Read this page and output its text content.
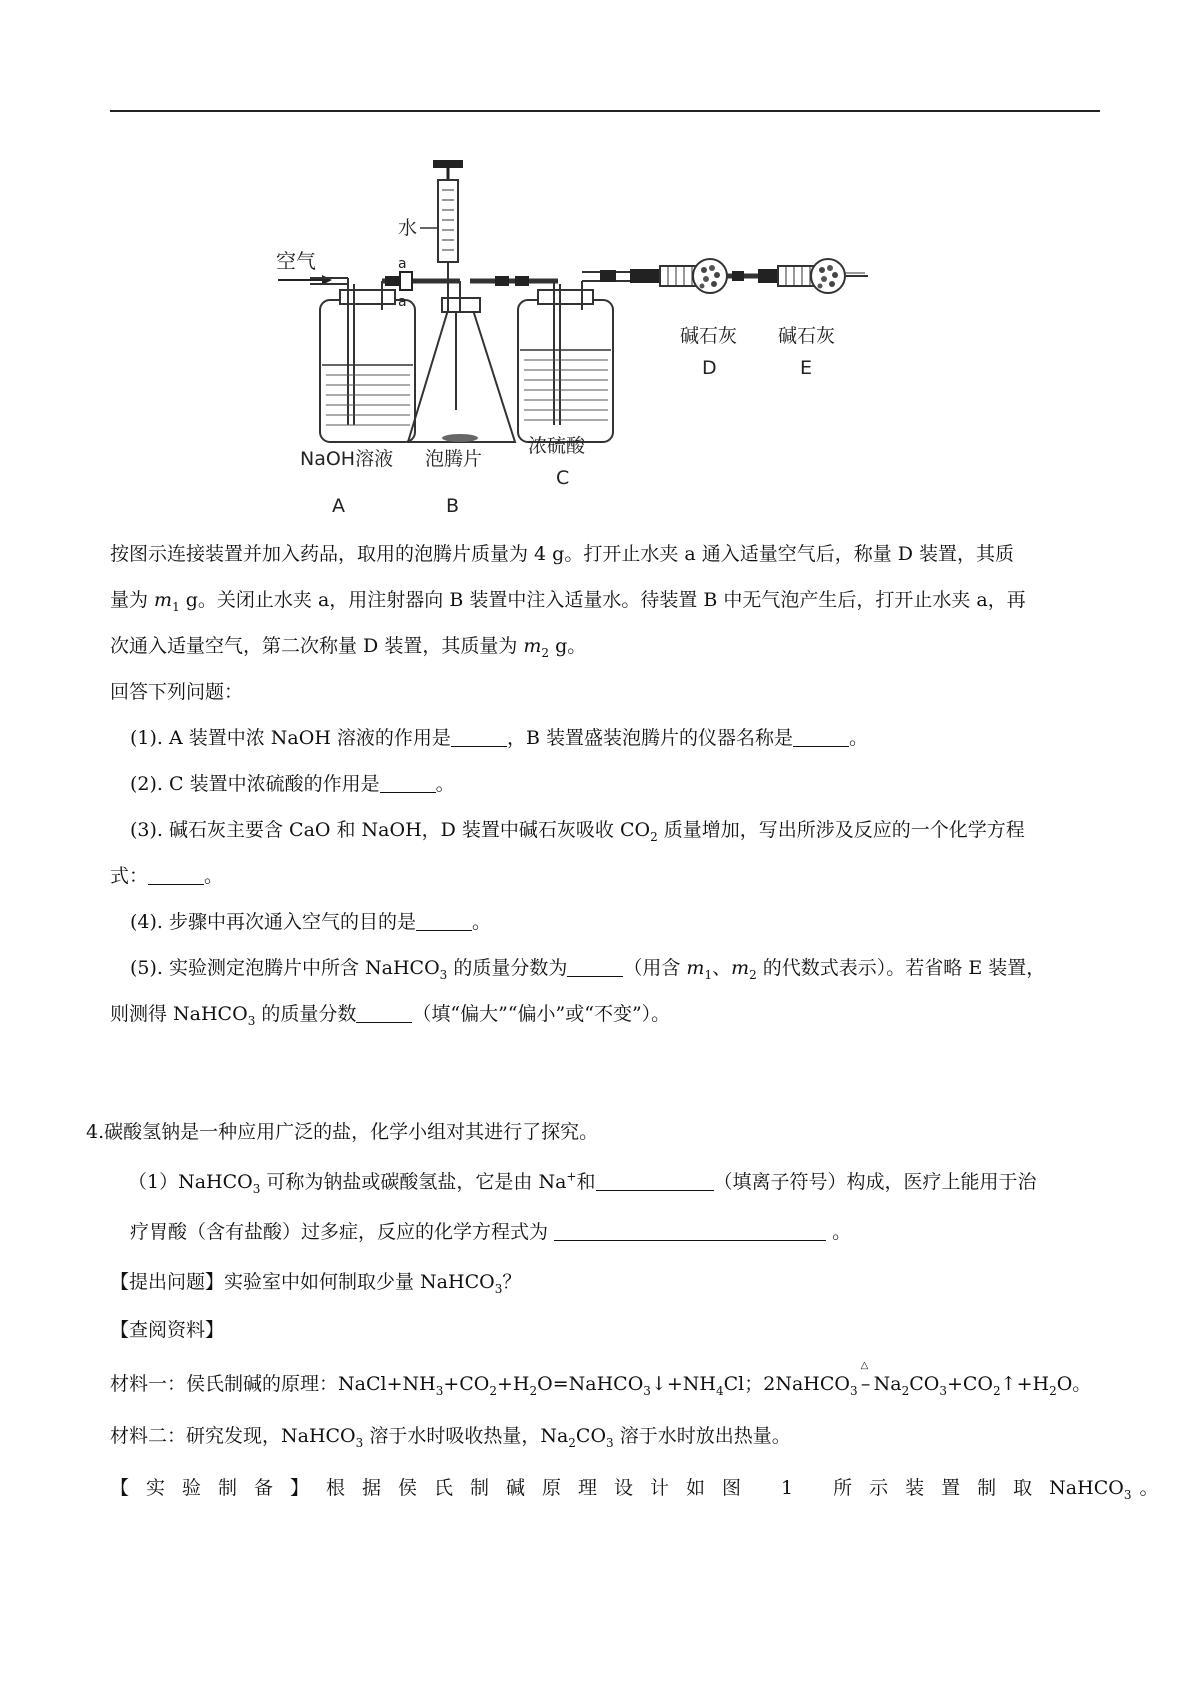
空气
NaOH溶液
A
a
a
泡腾片
B
水
浓硫酸
C
碱石灰
D
碱石灰
E
按图示连接装置并加入药品，取用的泡腾片质量为 4 g。打开止水夹 a 通入适量空气后，称量 D 装置，其质
量为 $m_1$ g。关闭止水夹 a，用注射器向 B 装置中注入适量水。待装置 B 中无气泡产生后，打开止水夹 a，再
次通入适量空气，第二次称量 D 装置，其质量为 $m_2$ g。
回答下列问题：
(1). A 装置中浓 NaOH 溶液的作用是	，B 装置盛装泡腾片的仪器名称是	。
(2). C 装置中浓硫酸的作用是	。
(3). 碱石灰主要含 CaO 和 NaOH，D 装置中碱石灰吸收 $CO_2$ 质量增加，写出所涉及反应的一个化学方程
式：	。
(4). 步骤中再次通入空气的目的是	。
(5). 实验测定泡腾片中所含 NaHCO$_3$ 的质量分数为	（用含 $m_1$、$m_2$ 的代数式表示）。若省略 E 装置，
则测得 NaHCO$_3$ 的质量分数	（填“偏大”“偏小”或“不变”）。
4.碳酸氢钠是一种应用广泛的盐，化学小组对其进行了探究。
（1）NaHCO$_3$ 可称为钠盐或碳酸氢盐，它是由 Na+和	（填离子符号）构成，医疗上能用于治
疗胃酸（含有盐酸）过多症，反应的化学方程式为	。
【提出问题】实验室中如何制取少量 NaHCO$_3$？
【查阅资料】
材料一：侯氏制碱的原理：$NaCl+NH_3+CO_2+H_2O=NaHCO_3↓+NH_4Cl$；2NaHCO$_3$
△
– $Na_2CO_3+CO_2↑+H_2O$。
材料二：研究发现，NaHCO$_3$ 溶于水时吸收热量，$Na_2CO_3$ 溶于水时放出热量。
【实验制备】根据侯氏制碱原理设计如图 1 所示装置制取NaHCO$_3$ 。
